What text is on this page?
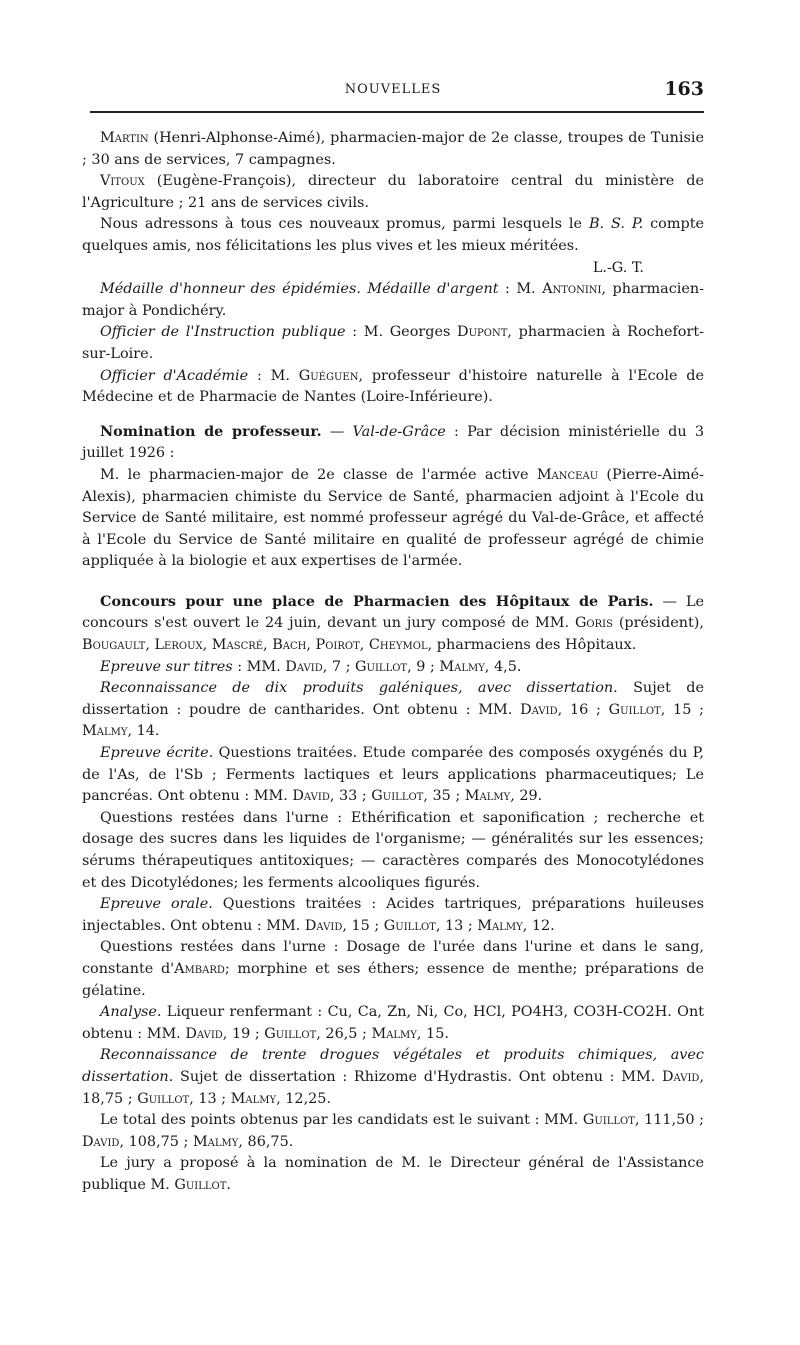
NOUVELLES	163

Martin (Henri-Alphonse-Aimé), pharmacien-major de 2e classe, troupes de Tunisie ; 30 ans de services, 7 campagnes.

Vitoux (Eugène-François), directeur du laboratoire central du ministère de l'Agriculture ; 21 ans de services civils.

Nous adressons à tous ces nouveaux promus, parmi lesquels le B. S. P. compte quelques amis, nos félicitations les plus vives et les mieux méritées.

L.-G. T.

Médaille d'honneur des épidémies. Médaille d'argent : M. Antonini, pharmacien-major à Pondichéry.

Officier de l'Instruction publique : M. Georges Dupont, pharmacien à Rochefort-sur-Loire.

Officier d'Académie : M. Guéguen, professeur d'histoire naturelle à l'Ecole de Médecine et de Pharmacie de Nantes (Loire-Inférieure).

Nomination de professeur. — Val-de-Grâce : Par décision ministérielle du 3 juillet 1926 :

M. le pharmacien-major de 2e classe de l'armée active Manceau (Pierre-Aimé-Alexis), pharmacien chimiste du Service de Santé, pharmacien adjoint à l'Ecole du Service de Santé militaire, est nommé professeur agrégé du Val-de-Grâce, et affecté à l'Ecole du Service de Santé militaire en qualité de professeur agrégé de chimie appliquée à la biologie et aux expertises de l'armée.

Concours pour une place de Pharmacien des Hôpitaux de Paris. — Le concours s'est ouvert le 24 juin, devant un jury composé de MM. Goris (président), Bougault, Leroux, Mascré, Bach, Poirot, Cheymol, pharmaciens des Hôpitaux.

Epreuve sur titres : MM. David, 7 ; Guillot, 9 ; Malmy, 4,5.

Reconnaissance de dix produits galéniques, avec dissertation. Sujet de dissertation : poudre de cantharides. Ont obtenu : MM. David, 16 ; Guillot, 15 ; Malmy, 14.

Epreuve écrite. Questions traitées. Etude comparée des composés oxygénés du P, de l'As, de l'Sb ; Ferments lactiques et leurs applications pharmaceutiques; Le pancréas. Ont obtenu : MM. David, 33 ; Guillot, 35 ; Malmy, 29.

Questions restées dans l'urne : Ethérification et saponification ; recherche et dosage des sucres dans les liquides de l'organisme; — généralités sur les essences; sérums thérapeutiques antitoxiques; — caractères comparés des Monocotylédones et des Dicotylédones; les ferments alcooliques figurés.

Epreuve orale. Questions traitées : Acides tartriques, préparations huileuses injectables. Ont obtenu : MM. David, 15 ; Guillot, 13 ; Malmy, 12.

Questions restées dans l'urne : Dosage de l'urée dans l'urine et dans le sang, constante d'Ambard; morphine et ses éthers; essence de menthe; préparations de gélatine.

Analyse. Liqueur renfermant : Cu, Ca, Zn, Ni, Co, HCl, PO4H3, CO3H-CO2H. Ont obtenu : MM. David, 19 ; Guillot, 26,5 ; Malmy, 15.

Reconnaissance de trente drogues végétales et produits chimiques, avec dissertation. Sujet de dissertation : Rhizome d'Hydrastis. Ont obtenu : MM. David, 18,75 ; Guillot, 13 ; Malmy, 12,25.

Le total des points obtenus par les candidats est le suivant : MM. Guillot, 111,50 ; David, 108,75 ; Malmy, 86,75.

Le jury a proposé à la nomination de M. le Directeur général de l'Assistance publique M. Guillot.
